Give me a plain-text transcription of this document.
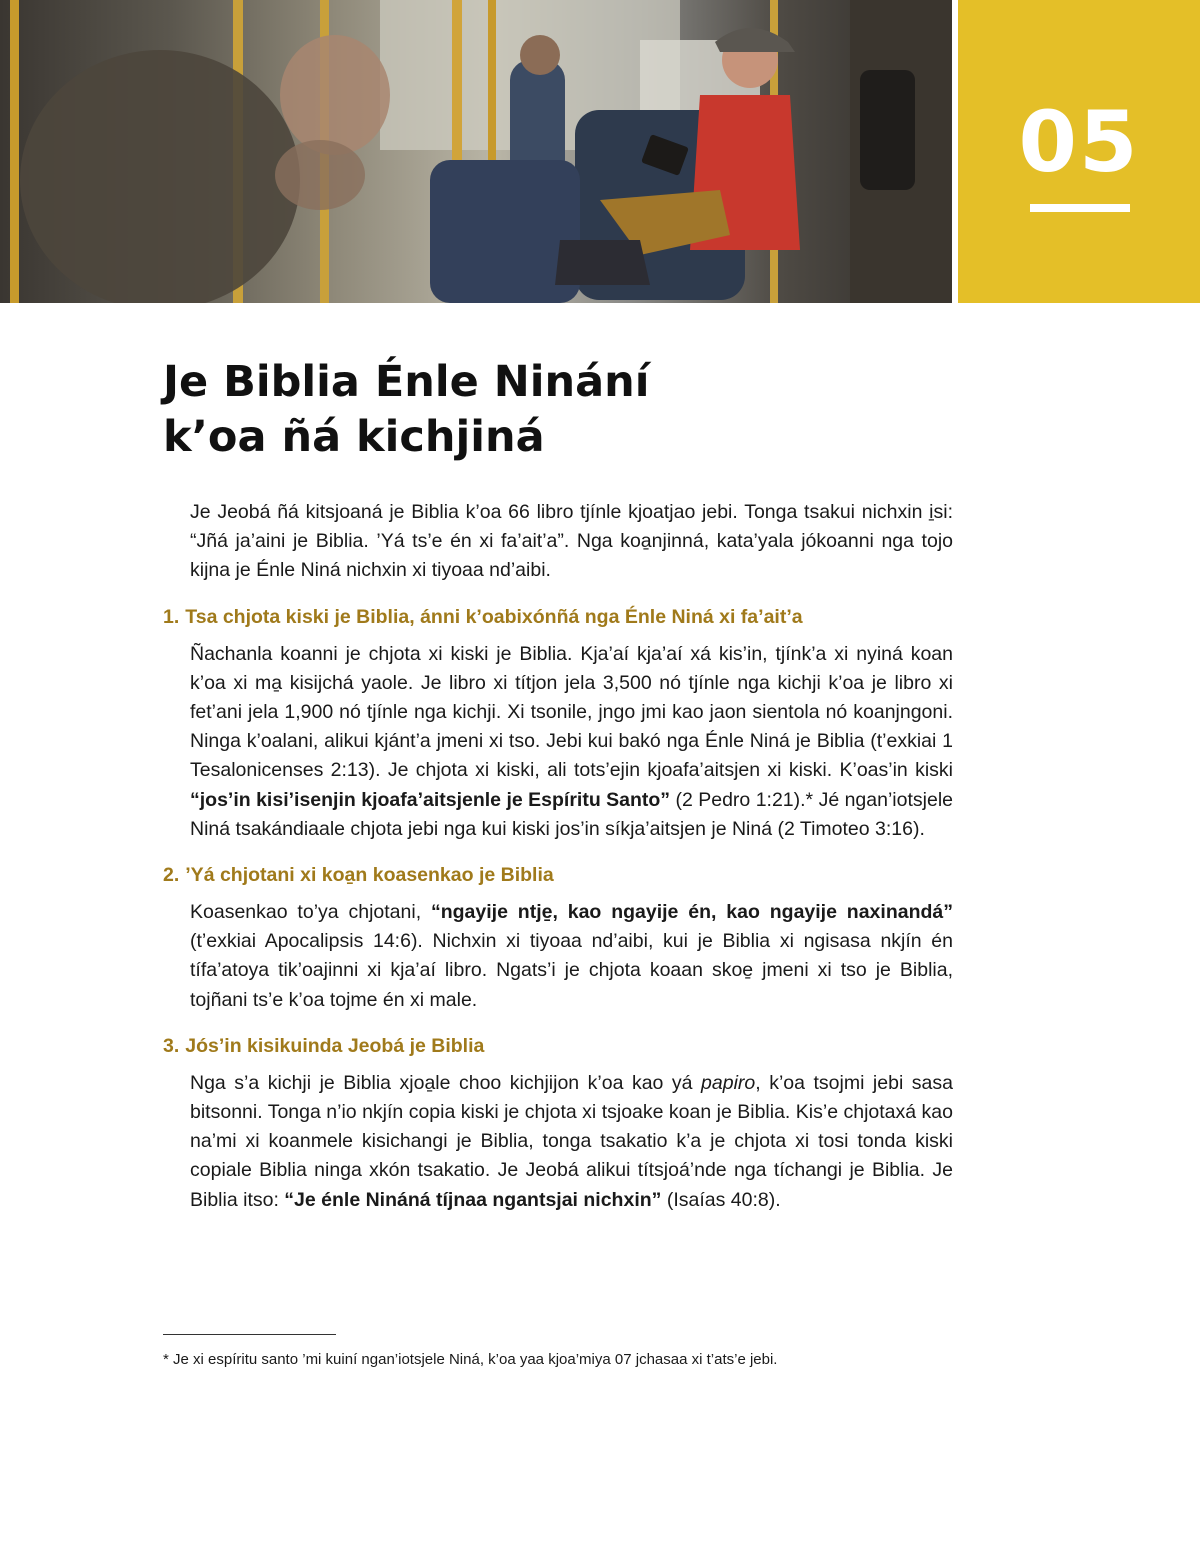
05
Je Biblia Énle Ninání
k’oa ñá kichjiná

Je Jeobá ñá kitsjoaná je Biblia k’oa 66 libro tjínle kjoatjao jebi. Tonga tsakui nichxin i̱si: “Jñá ja’aini je Biblia. ’Yá ts’e én xi fa’ait’a”. Nga koa̱njinná, kata’yala jókoanni nga tojo kijna je Énle Niná nichxin xi tiyoaa nd’aibi.

1. Tsa chjota kiski je Biblia, ánni k’oabixónñá nga Énle Niná xi fa’ait’a

Ñachanla koanni je chjota xi kiski je Biblia. Kja’aí kja’aí xá kis’in, tjínk’a xi nyiná koan k’oa xi ma̱ kisijchá yaole. Je libro xi títjon jela 3,500 nó tjínle nga kichji k’oa je libro xi fet’ani jela 1,900 nó tjínle nga kichji. Xi tsonile, jngo jmi kao jaon sientola nó koanjngoni. Ninga k’oalani, alikui kjánt’a jmeni xi tso. Jebi kui bakó nga Énle Niná je Biblia (t’exkiai 1 Tesalonicenses 2:13). Je chjota xi kiski, ali tots’ejin kjoafa’aitsjen xi kiski. K’oas’in kiski “jos’in kisi’isenjin kjoafa’aitsjenle je Espíritu Santo” (2 Pedro 1:21).* Jé ngan’iotsjele Niná tsakándiaale chjota jebi nga kui kiski jos’in síkja’aitsjen je Niná (2 Timoteo 3:16).

2. ’Yá chjotani xi koa̱n koasenkao je Biblia

Koasenkao to’ya chjotani, “ngayije ntje̱, kao ngayije én, kao ngayije naxinandá” (t’exkiai Apocalipsis 14:6). Nichxin xi tiyoaa nd’aibi, kui je Biblia xi ngisasa nkjín én tífa’atoya tik’oajinni xi kja’aí libro. Ngats’i je chjota koaan skoe̱ jmeni xi tso je Biblia, tojñani ts’e k’oa tojme én xi male.

3. Jós’in kisikuinda Jeobá je Biblia

Nga s’a kichji je Biblia xjoa̱le choo kichjijon k’oa kao yá papiro, k’oa tsojmi jebi sasa bitsonni. Tonga n’io nkjín copia kiski je chjota xi tsjoake koan je Biblia. Kis’e chjotaxá kao na’mi xi koanmele kisichangi je Biblia, tonga tsakatio k’a je chjota xi tosi tonda kiski copiale Biblia ninga xkón tsakatio. Je Jeobá alikui títsjoá’nde nga tíchangi je Biblia. Je Biblia itso: “Je énle Nináná tíjnaa ngantsjai nichxin” (Isaías 40:8).

* Je xi espíritu santo ’mi kuiní ngan’iotsjele Niná, k’oa yaa kjoa’miya 07 jchasaa xi t’ats’e jebi.
